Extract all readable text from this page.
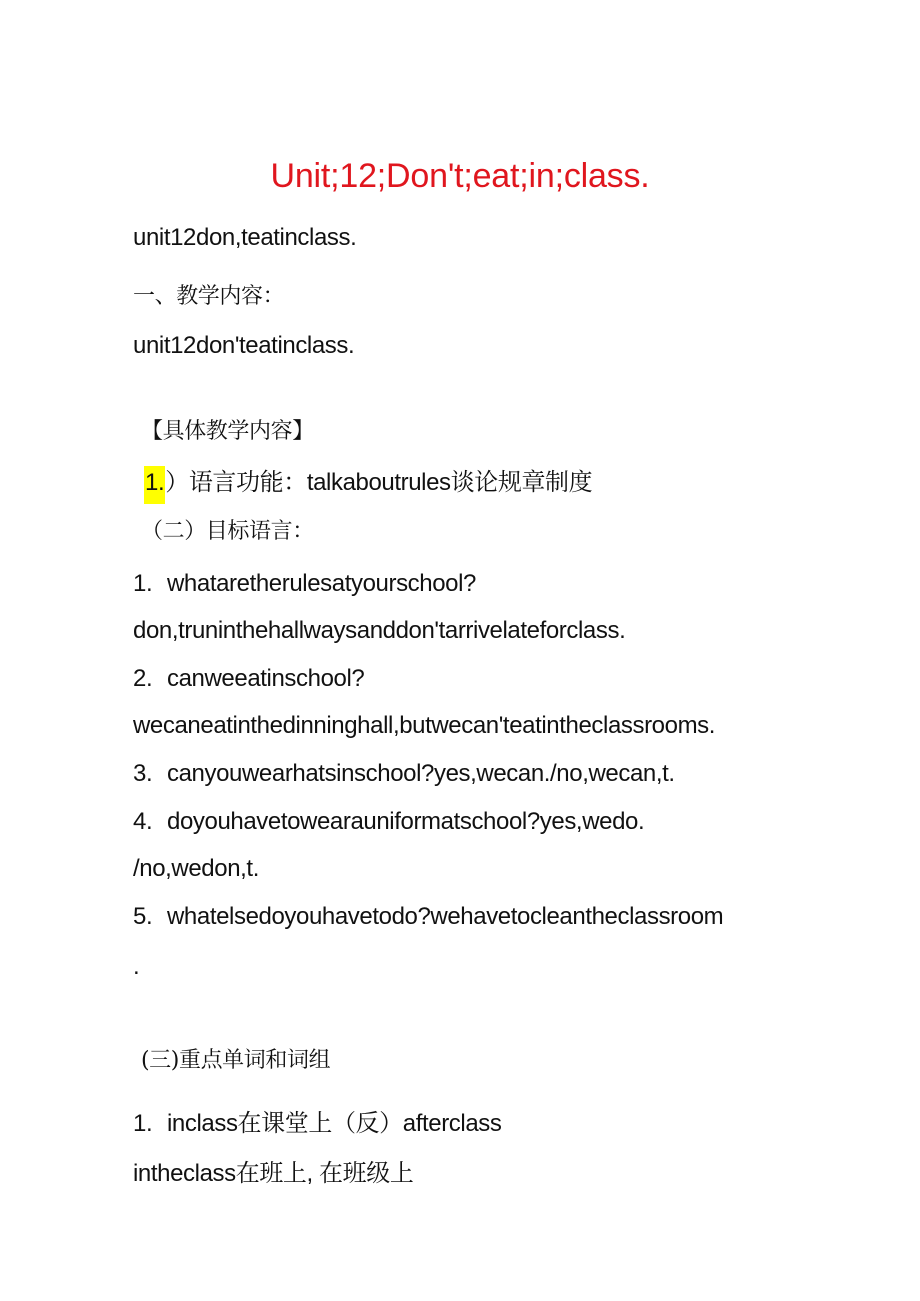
Unit;12;Don't;eat;in;class.
unit12don,teatinclass.
一、教学内容：
unit12don'teatinclass.
【具体教学内容】
1.）语言功能：talkaboutrules谈论规章制度
（二）目标语言：
1. whataretherulesatyourschool?
don,truninthehallwaysanddon'tarrivelateforclass.
2. canweeatinschool?
wecaneatinthedinninghall,butwecan'teatintheclassrooms.
3. canyouwearhatsinschool?yes,wecan./no,wecan,t.
4. doyouhavetowearauniformatschool?yes,wedo.
/no,wedon,t.
5. whatelsedoyouhavetodo?wehavetocleantheclassroom
.
(三)重点单词和词组
1. inclass在课堂上（反）afterclass
intheclass在班上, 在班级上
